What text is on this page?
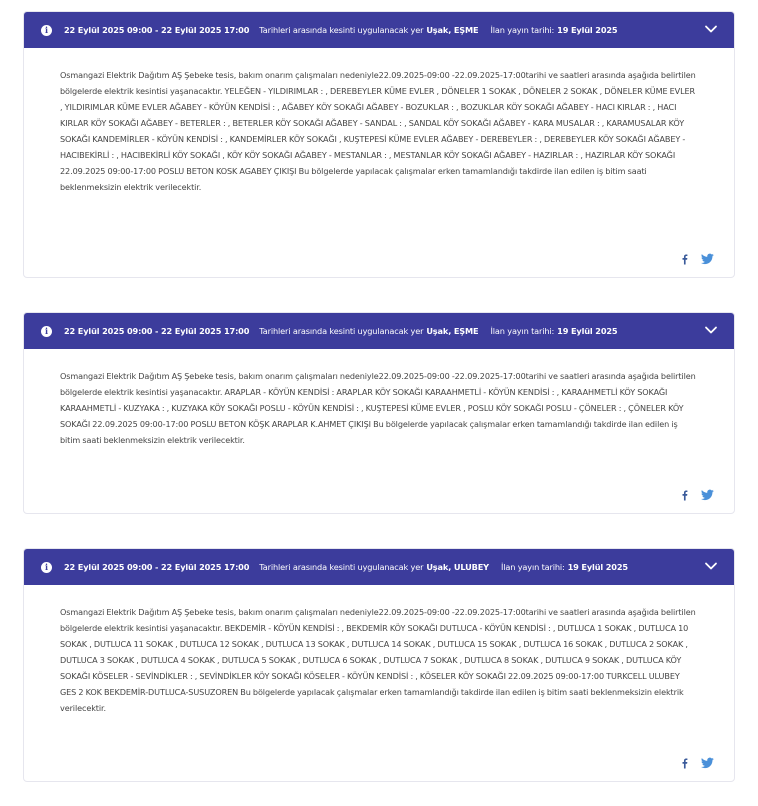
i	22 Eylül 2025 09:00 - 22 Eylül 2025 17:00 Tarihleri arasında kesinti uygulanacak yer Uşak, EŞME İlan yayın tarihi: 19 Eylül 2025
Osmangazi Elektrik Dağıtım AŞ Şebeke tesis, bakım onarım çalışmaları nedeniyle22.09.2025-09:00 -22.09.2025-17:00tarihi ve saatleri arasında aşağıda belirtilen bölgelerde elektrik kesintisi yaşanacaktır. YELEĞEN - YILDIRIMLAR : , DEREBEYLER KÜME EVLER , DÖNELER 1 SOKAK , DÖNELER 2 SOKAK , DÖNELER KÜME EVLER , YILDIRIMLAR KÜME EVLER AĞABEY - KÖYÜN KENDİSİ : , AĞABEY KÖY SOKAĞI AĞABEY - BOZUKLAR : , BOZUKLAR KÖY SOKAĞI AĞABEY - HACI KIRLAR : , HACI KIRLAR KÖY SOKAĞI AĞABEY - BETERLER : , BETERLER KÖY SOKAĞI AĞABEY - SANDAL : , SANDAL KÖY SOKAĞI AĞABEY - KARA MUSALAR : , KARAMUSALAR KÖY SOKAĞI KANDEMİRLER - KÖYÜN KENDİSİ : , KANDEMİRLER KÖY SOKAĞI , KUŞTEPESİ KÜME EVLER AĞABEY - DEREBEYLER : , DEREBEYLER KÖY SOKAĞI AĞABEY - HACIBEKİRLİ : , HACIBEKİRLİ KÖY SOKAĞI , KÖY KÖY SOKAĞI AĞABEY - MESTANLAR : , MESTANLAR KÖY SOKAĞI AĞABEY - HAZIRLAR : , HAZIRLAR KÖY SOKAĞI 22.09.2025 09:00-17:00 POSLU BETON KOSK AGABEY ÇIKIŞI Bu bölgelerde yapılacak çalışmalar erken tamamlandığı takdirde ilan edilen iş bitim saati beklenmeksizin elektrik verilecektir.
i	22 Eylül 2025 09:00 - 22 Eylül 2025 17:00 Tarihleri arasında kesinti uygulanacak yer Uşak, EŞME İlan yayın tarihi: 19 Eylül 2025
Osmangazi Elektrik Dağıtım AŞ Şebeke tesis, bakım onarım çalışmaları nedeniyle22.09.2025-09:00 -22.09.2025-17:00tarihi ve saatleri arasında aşağıda belirtilen bölgelerde elektrik kesintisi yaşanacaktır. ARAPLAR - KÖYÜN KENDİSİ : ARAPLAR KÖY SOKAĞI KARAAHMETLİ - KÖYÜN KENDİSİ : , KARAAHMETLİ KÖY SOKAĞI KARAAHMETLİ - KUZYAKA : , KUZYAKA KÖY SOKAĞI POSLU - KÖYÜN KENDİSİ : , KUŞTEPESİ KÜME EVLER , POSLU KÖY SOKAĞI POSLU - ÇÖNELER : , ÇÖNELER KÖY SOKAĞI 22.09.2025 09:00-17:00 POSLU BETON KÖŞK ARAPLAR K.AHMET ÇIKIŞI Bu bölgelerde yapılacak çalışmalar erken tamamlandığı takdirde ilan edilen iş bitim saati beklenmeksizin elektrik verilecektir.
i	22 Eylül 2025 09:00 - 22 Eylül 2025 17:00 Tarihleri arasında kesinti uygulanacak yer Uşak, ULUBEY İlan yayın tarihi: 19 Eylül 2025
Osmangazi Elektrik Dağıtım AŞ Şebeke tesis, bakım onarım çalışmaları nedeniyle22.09.2025-09:00 -22.09.2025-17:00tarihi ve saatleri arasında aşağıda belirtilen bölgelerde elektrik kesintisi yaşanacaktır. BEKDEMİR - KÖYÜN KENDİSİ : , BEKDEMİR KÖY SOKAĞI DUTLUCA - KÖYÜN KENDİSİ : , DUTLUCA 1 SOKAK , DUTLUCA 10 SOKAK , DUTLUCA 11 SOKAK , DUTLUCA 12 SOKAK , DUTLUCA 13 SOKAK , DUTLUCA 14 SOKAK , DUTLUCA 15 SOKAK , DUTLUCA 16 SOKAK , DUTLUCA 2 SOKAK , DUTLUCA 3 SOKAK , DUTLUCA 4 SOKAK , DUTLUCA 5 SOKAK , DUTLUCA 6 SOKAK , DUTLUCA 7 SOKAK , DUTLUCA 8 SOKAK , DUTLUCA 9 SOKAK , DUTLUCA KÖY SOKAĞI KÖSELER - SEVİNDİKLER : , SEVİNDİKLER KÖY SOKAĞI KÖSELER - KÖYÜN KENDİSİ : , KÖSELER KÖY SOKAĞI 22.09.2025 09:00-17:00 TURKCELL ULUBEY GES 2 KOK BEKDEMİR-DUTLUCA-SUSUZOREN Bu bölgelerde yapılacak çalışmalar erken tamamlandığı takdirde ilan edilen iş bitim saati beklenmeksizin elektrik verilecektir.
